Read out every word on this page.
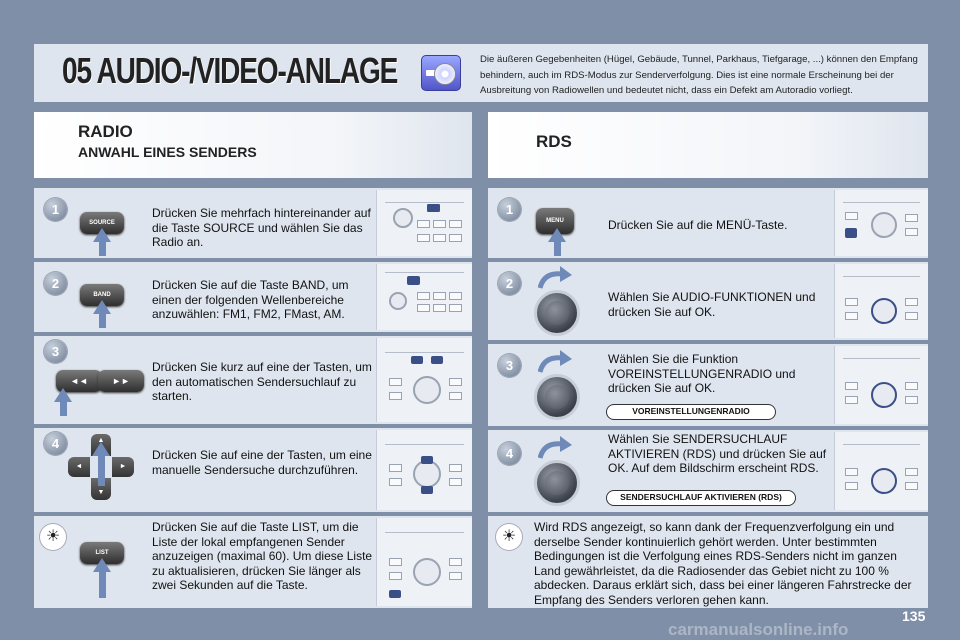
05 AUDIO-/VIDEO-ANLAGE	Die äußeren Gegebenheiten (Hügel, Gebäude, Tunnel, Parkhaus, Tiefgarage, ...) können den Empfang behindern, auch im RDS-Modus zur Senderverfolgung. Dies ist eine normale Erscheinung bei der Ausbreitung von Radiowellen und bedeutet nicht, dass ein Defekt am Autoradio vorliegt.
RADIO
ANWAHL EINES SENDERS
RDS
1
SOURCE
Drücken Sie mehrfach hintereinander auf die Taste SOURCE und wählen Sie das Radio an.
2
BAND
Drücken Sie auf die Taste BAND, um einen der folgenden Wellenbereiche anzuwählen: FM1, FM2, FMast, AM.
3
◄◄	►►
Drücken Sie kurz auf eine der Tasten, um den automatischen Sendersuchlauf zu starten.
4	▲
▼
◄	►
Drücken Sie auf eine der Tasten, um eine manuelle Sendersuche durchzuführen.
☀
LIST
Drücken Sie auf die Taste LIST, um die Liste der lokal empfangenen Sender anzuzeigen (maximal 60). Um diese Liste zu aktualisieren, drücken Sie länger als zwei Sekunden auf die Taste.
1
MENU	Drücken Sie auf die MENÜ-Taste.
2
Wählen Sie AUDIO-FUNKTIONEN und drücken Sie auf OK.
3	Wählen Sie die Funktion VOREINSTELLUNGENRADIO und drücken Sie auf OK.
VOREINSTELLUNGENRADIO
4
Wählen Sie SENDERSUCHLAUF AKTIVIEREN (RDS) und drücken Sie auf OK. Auf dem Bildschirm erscheint RDS.
SENDERSUCHLAUF AKTIVIEREN (RDS)
☀
Wird RDS angezeigt, so kann dank der Frequenzverfolgung ein und derselbe Sender kontinuierlich gehört werden. Unter bestimmten Bedingungen ist die Verfolgung eines RDS-Senders nicht im ganzen Land gewährleistet, da die Radiosender das Gebiet nicht zu 100 % abdecken. Daraus erklärt sich, dass bei einer längeren Fahrstrecke der Empfang des Senders verloren gehen kann.
135
carmanualsonline.info
